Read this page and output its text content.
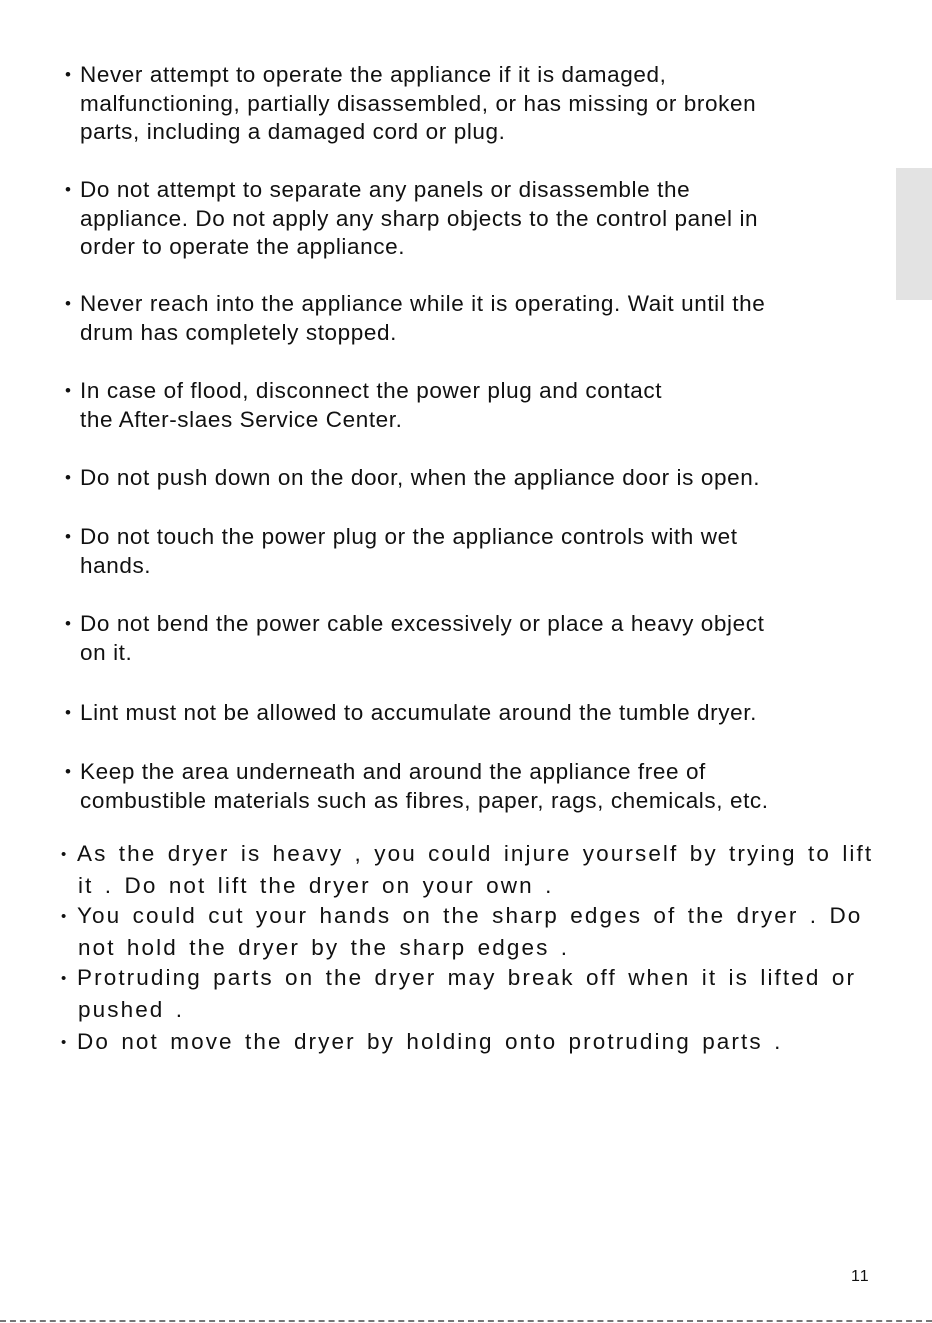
• Never attempt to operate the appliance if it is damaged,
malfunctioning, partially disassembled, or has missing or broken
parts, including a damaged cord or plug.
• Do not attempt to separate any panels or disassemble the
appliance. Do not apply any sharp objects to the control panel in
order to operate the appliance.
• Never reach into the appliance while it is operating. Wait until the
drum has completely stopped.
• In case of flood, disconnect the power plug and contact
the After-slaes Service Center.
• Do not push down on the door, when the appliance door is open.
• Do not touch the power plug or the appliance controls with wet
hands.
• Do not bend the power cable excessively or place a heavy object
on it.
• Lint must not be allowed to accumulate around the tumble dryer.
• Keep the area underneath and around the appliance free of
combustible materials such as fibres, paper, rags, chemicals, etc.
• As the dryer is heavy , you could injure yourself by trying to lift
it . Do not lift the dryer on your own .
• You could cut your hands on the sharp edges of the dryer . Do
not hold the dryer by the sharp edges .
• Protruding parts on the dryer may break off when it is lifted or
pushed .
• Do not move the dryer by holding onto protruding parts .
11
